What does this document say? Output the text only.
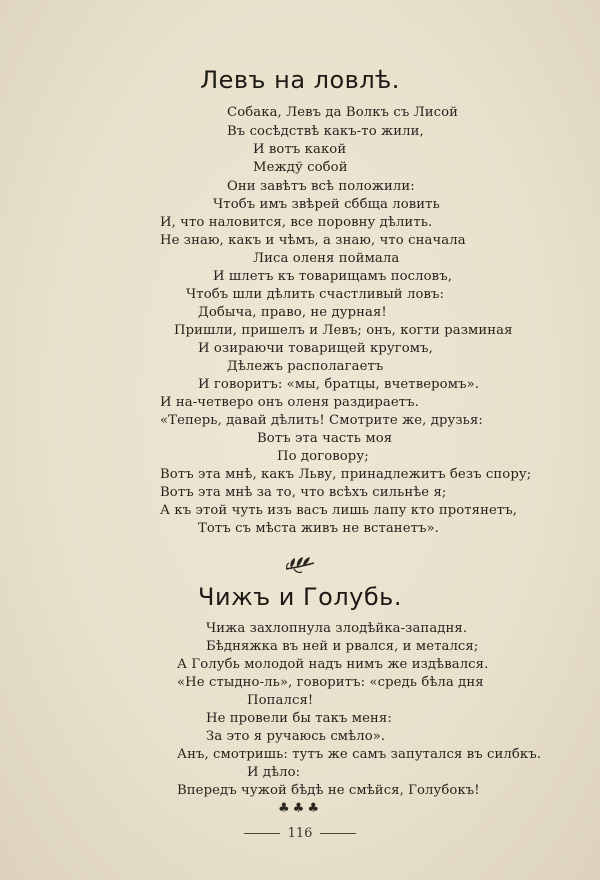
Левъ на ловлѣ.
Собака, Левъ да Волкъ съ Лисой
Въ сосѣдствѣ какъ-то жили,
И вотъ какой
Междў собой
Они завѣтъ всѣ положили:
Чтобъ имъ звѣрей сббща ловить
И, что наловится, все поровну дѣлить.
Не знаю, какъ и чѣмъ, а знаю, что сначала
Лиса оленя поймала
И шлетъ къ товарищамъ пословъ,
Чтобъ шли дѣлить счастливый ловъ:
Добыча, право, не дурная!
Пришли, пришелъ и Левъ; онъ, когти разминая
И озираючи товарищей кругомъ,
Дѣлежъ располагаетъ
И говоритъ: «мы, братцы, вчетверомъ».
И на-четверо онъ оленя раздираетъ.
«Теперь, давай дѣлить! Смотрите же, друзья:
Вотъ эта часть моя
По договору;
Вотъ эта мнѣ, какъ Льву, принадлежитъ безъ спору;
Вотъ эта мнѣ за то, что всѣхъ сильнѣе я;
А къ этой чуть изъ васъ лишь лапу кто протянетъ,
Тотъ съ мѣста живъ не встанетъ».
Чижъ и Голубь.
Чижа захлопнула злодѣйка-западня.
Бѣдняжка въ ней и рвался, и метался;
А Голубь молодой надъ нимъ же издѣвался.
«Не стыдно-ль», говоритъ: «средь бѣла дня
Попался!
Не провели бы такъ меня:
За это я ручаюсь смѣло».
Анъ, смотришь: тутъ же самъ запутался въ силбкъ.
И дѣло:
Впередъ чужой бѣдѣ не смѣйся, Голубокъ!
♣♣♣
116
